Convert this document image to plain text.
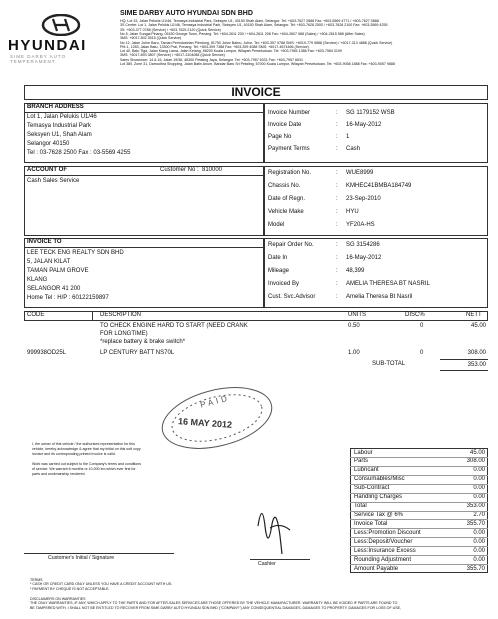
HYUNDAI
SIME DARBY AUTO
TEMPERAMENT
SIME DARBY AUTO HYUNDAI SDN BHD
HQ: Lot 33, Jalan Pelukis U1/46, Temasya Industrial Park, Seksyen U1, 40150 Shah Alam, Selangor. Tel: +603-7627 2888 Fax: +603-5569 4771 / +603-7627 0888
3S Centre: Lot 1, Jalan Pelukis U1/46, Temasya Industrial Park, Seksyen U1, 40150 Shah Alam, Selangor. Tel: +603-7628 2500 / +603-7628 2100 Fax: +603-5569 4255
3S: +603-377 0788 (Service) / +603-7625 2120 (Quick Service)
No 5, Jalan Sungai Pinang, 05150 George Town, Penang. Tel: +604-2611 200 / +604-2611 208 Fax: +604-2607 588 (Sales) / +604-2615 588 (After Sales)
3MS: +6017-502 3515 (Quick Service)
No 12, Jalan Johor Baru, Taman Perindustrian Plentong, 81750 Johor Bahru, Johor. Tel: +603-357 9788 SMS: +6019-779 9888 (Service) / +6017-313 4888 (Quick Service)
PM-1, 1283, Jalan Batu, 13300 Prai, Penang. Tel: +604-399 7388 Fax: +604-399 4088 SMS: +6017-4674466 (Service)
Lot 40, Batu Tiga, Jalan Klang Lama, Jalan Kelang, 58200 Kuala Lumpur, Wilayah Persekutuan. Tel: +603-7984 1388 Fax: +603-7984 3199
3MS: +6017-893 3807 (Service) / +6017-3104088 (Quick Service)
Sales Showroom: 14 & 16, Jalan 19/36, 46300 Petaling Jaya, Selangor. Tel: +603-7957 6331 Fax: +603-7957 6631
Lot 380, Zone 31, Damodhra Shopping, Jalan Batin Anum, Bandar Baru Sri Petaling, 57000 Kuala Lumpur, Wilayah Persekutuan. Tel: +603-9058 1888 Fax: +603-9057 9888
INVOICE
BRANCH ADDRESS
Lot 1, Jalan Pelukis U1/46
Temasya Industrial Park
Seksyen U1, Shah Alam
Selangor 40150
Tel : 03-7628 2500 Fax : 03-5569 4255
Invoice Number	: SG 1179152 WSB
Invoice Date	: 16-May-2012
Page No	: 1
Payment Terms	: Cash
ACCOUNT OF	Customer No : 810000
Cash Sales Service
Registration No.	: WUE8999
Chassis No.	: KMHEC41BMBA184749
Date of Regn.	: 23-Sep-2010
Vehicle Make	: HYU
Model	: YF20A-HS
INVOICE TO
LEE TECK ENG REALTY SDN BHD
5, JALAN KILAT
TAMAN PALM GROVE
KLANG
SELANGOR 41 200
Home Tel : H/P : 60122159897
Repair Order No.	: SG 3154286
Date In	: 16-May-2012
Mileage	: 48,399
Invoiced By	: AMELIA THERESA BT NASRIL
Cust. Svc.Advisor	: Amelia Theresa Bt Nasril
CODE	DESCRIPTION	UNITS	DISC%	NETT
TO CHECK ENGINE HARD TO START (NEED CRANK	0.50	0	45.00
FOR LONGTIME)
*replace battery & brake switch*
999938OD25L	LP CENTURY BATT NS70L	1.00	0	308.00
SUB-TOTAL	353.00
PAID
16 MAY 2012
I, the owner of this vehicle / the authorised representative for this
vehicle, hereby acknowledge & agree that my initial on this soft copy
invoice and its corresponding printed invoice is valid.
Work was carried out subject to the Company's terms and conditions
of service. We warrant 6 months or 10,000 km which ever first for
parts and workmanship rendered.
Labour	45.00
Parts	308.00
Lubricant	0.00
Consumables/Misc	0.00
Sub-Contract	0.00
Handling Charges	0.00
Total	353.00
Service Tax @ 6%	2.70
Invoice Total	355.70
Less:Promotion Discount	0.00
Less:Deposit/Voucher	0.00
Less:Insurance Excess	0.00
Rounding Adjustment	0.00
Amount Payable	355.70
Customer's Initial / Signature
Cashier
TERMS
* CASH OR CREDIT CARD ONLY UNLESS YOU HAVE A CREDIT ACCOUNT WITH US.
* PAYMENT BY CHEQUE IS NOT ACCEPTABLE.
DISCLAIMERS ON WARRANTIES
THE ONLY WARRANTIES, IF ANY, WHICH APPLY TO THE PARTS AND FOR AFTER-SALES SERVICES ARE THOSE OFFERED BY THE VEHICLE MANUFACTURER. WARRANTY WILL BE VOIDED IF PARTS ARE FOUND TO
BE TAMPERED WITH. I SHALL NOT BE ENTITLED TO RECOVER FROM SIME DARBY AUTO HYUNDAI SDN BHD ("COMPANY") ANY CONSEQUENTIAL DAMAGES, DAMAGES TO PROPERTY, DAMAGES FOR LOSS OF USE,
